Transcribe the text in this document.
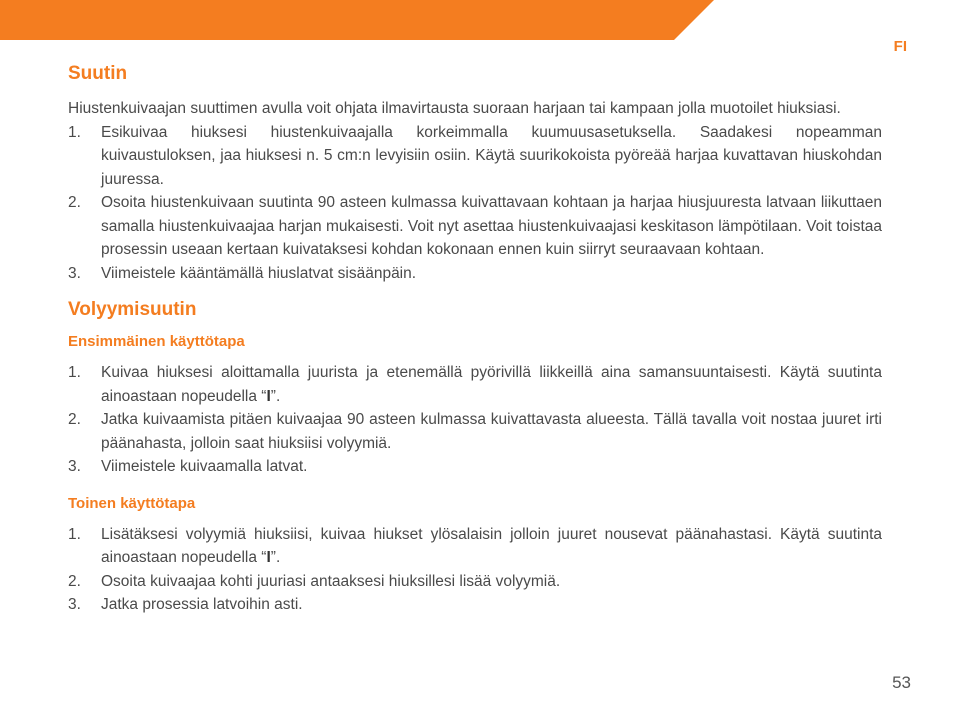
FI
Suutin

Hiustenkuivaajan suuttimen avulla voit ohjata ilmavirtausta suoraan harjaan tai kampaan jolla muotoilet hiuksiasi.

1. Esikuivaa hiuksesi hiustenkuivaajalla korkeimmalla kuumuusasetuksella. Saadakesi nopeamman kuivaustuloksen, jaa hiuksesi n. 5 cm:n levyisiin osiin. Käytä suurikokoista pyöreää harjaa kuvattavan hiuskohdan juuressa.
2. Osoita hiustenkuivaan suutinta 90 asteen kulmassa kuivattavaan kohtaan ja harjaa hiusjuuresta latvaan liikuttaen samalla hiustenkuivaajaa harjan mukaisesti. Voit nyt asettaa hiustenkuivaajasi keskitason lämpötilaan. Voit toistaa prosessin useaan kertaan kuivataksesi kohdan kokonaan ennen kuin siirryt seuraavaan kohtaan.
3. Viimeistele kääntämällä hiuslatvat sisäänpäin.
Volyymisuutin
Ensimmäinen käyttötapa
1. Kuivaa hiuksesi aloittamalla juurista ja etenemällä pyörivillä liikkeillä aina samansuuntaisesti. Käytä suutinta ainoastaan nopeudella “I”.
2. Jatka kuivaamista pitäen kuivaajaa 90 asteen kulmassa kuivattavasta alueesta. Tällä tavalla voit nostaa juuret irti päänahasta, jolloin saat hiuksiisi volyymiä.
3. Viimeistele kuivaamalla latvat.
Toinen käyttötapa
1. Lisätäksesi volyymiä hiuksiisi, kuivaa hiukset ylösalaisin jolloin juuret nousevat päänahastasi. Käytä suutinta ainoastaan nopeudella “I”.
2. Osoita kuivaajaa kohti juuriasi antaaksesi hiuksillesi lisää volyymiä.
3. Jatka prosessia latvoihin asti.
53
